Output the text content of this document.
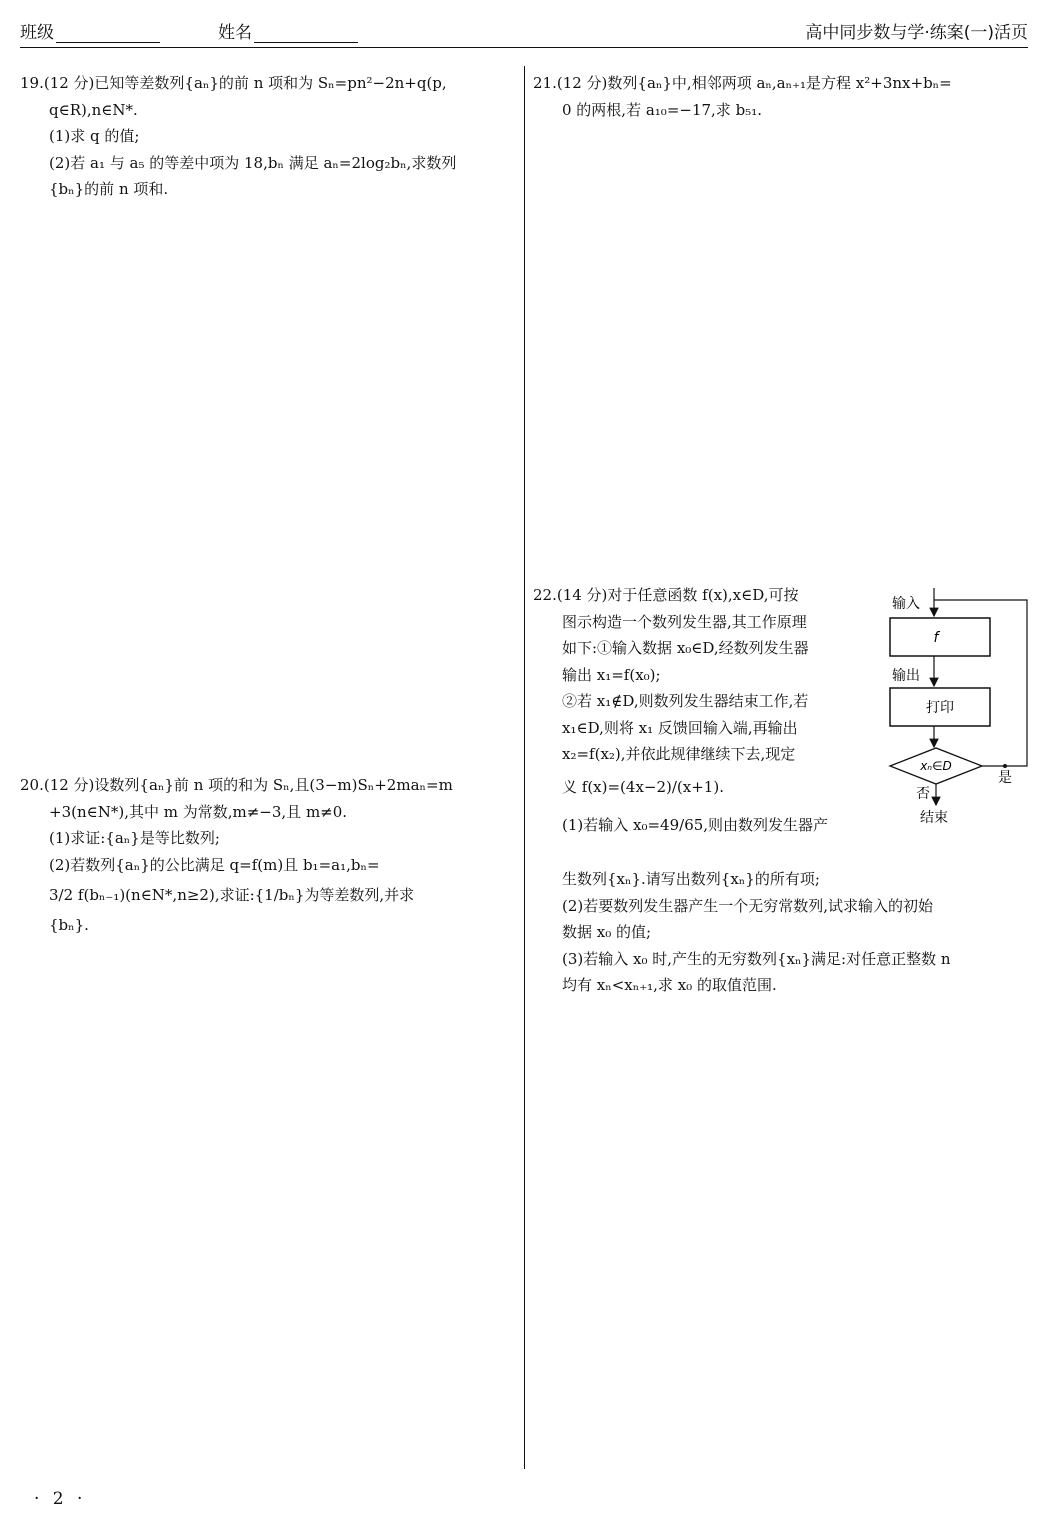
班级	姓名	高中同步数与学·练案(一)活页

19.(12 分)已知等差数列{aₙ}的前 n 项和为 Sₙ=pn²−2n+q(p,

q∈R),n∈N*.

(1)求 q 的值;

(2)若 a₁ 与 a₅ 的等差中项为 18,bₙ 满足 aₙ=2log₂bₙ,求数列

{bₙ}的前 n 项和.

20.(12 分)设数列{aₙ}前 n 项的和为 Sₙ,且(3−m)Sₙ+2maₙ=m

+3(n∈N*),其中 m 为常数,m≠−3,且 m≠0.

(1)求证:{aₙ}是等比数列;

(2)若数列{aₙ}的公比满足 q=f(m)且 b₁=a₁,bₙ=

3/2 f(bₙ₋₁)(n∈N*,n≥2),求证:{1/bₙ}为等差数列,并求

{bₙ}.

21.(12 分)数列{aₙ}中,相邻两项 aₙ,aₙ₊₁是方程 x²+3nx+bₙ=

0 的两根,若 a₁₀=−17,求 b₅₁.

22.(14 分)对于任意函数 f(x),x∈D,可按

图示构造一个数列发生器,其工作原理

如下:①输入数据 x₀∈D,经数列发生器

输出 x₁=f(x₀);

②若 x₁∉D,则数列发生器结束工作,若

x₁∈D,则将 x₁ 反馈回输入端,再输出

x₂=f(x₂),并依此规律继续下去,现定

义 f(x)=(4x−2)/(x+1).

(1)若输入 x₀=49/65,则由数列发生器产

生数列{xₙ}.请写出数列{xₙ}的所有项;

(2)若要数列发生器产生一个无穷常数列,试求输入的初始

数据 x₀ 的值;

(3)若输入 x₀ 时,产生的无穷数列{xₙ}满足:对任意正整数 n

均有 xₙ<xₙ₊₁,求 x₀ 的取值范围.

输入
f
输出
打印
xₙ∈D
是
否
结束
· 2 ·
